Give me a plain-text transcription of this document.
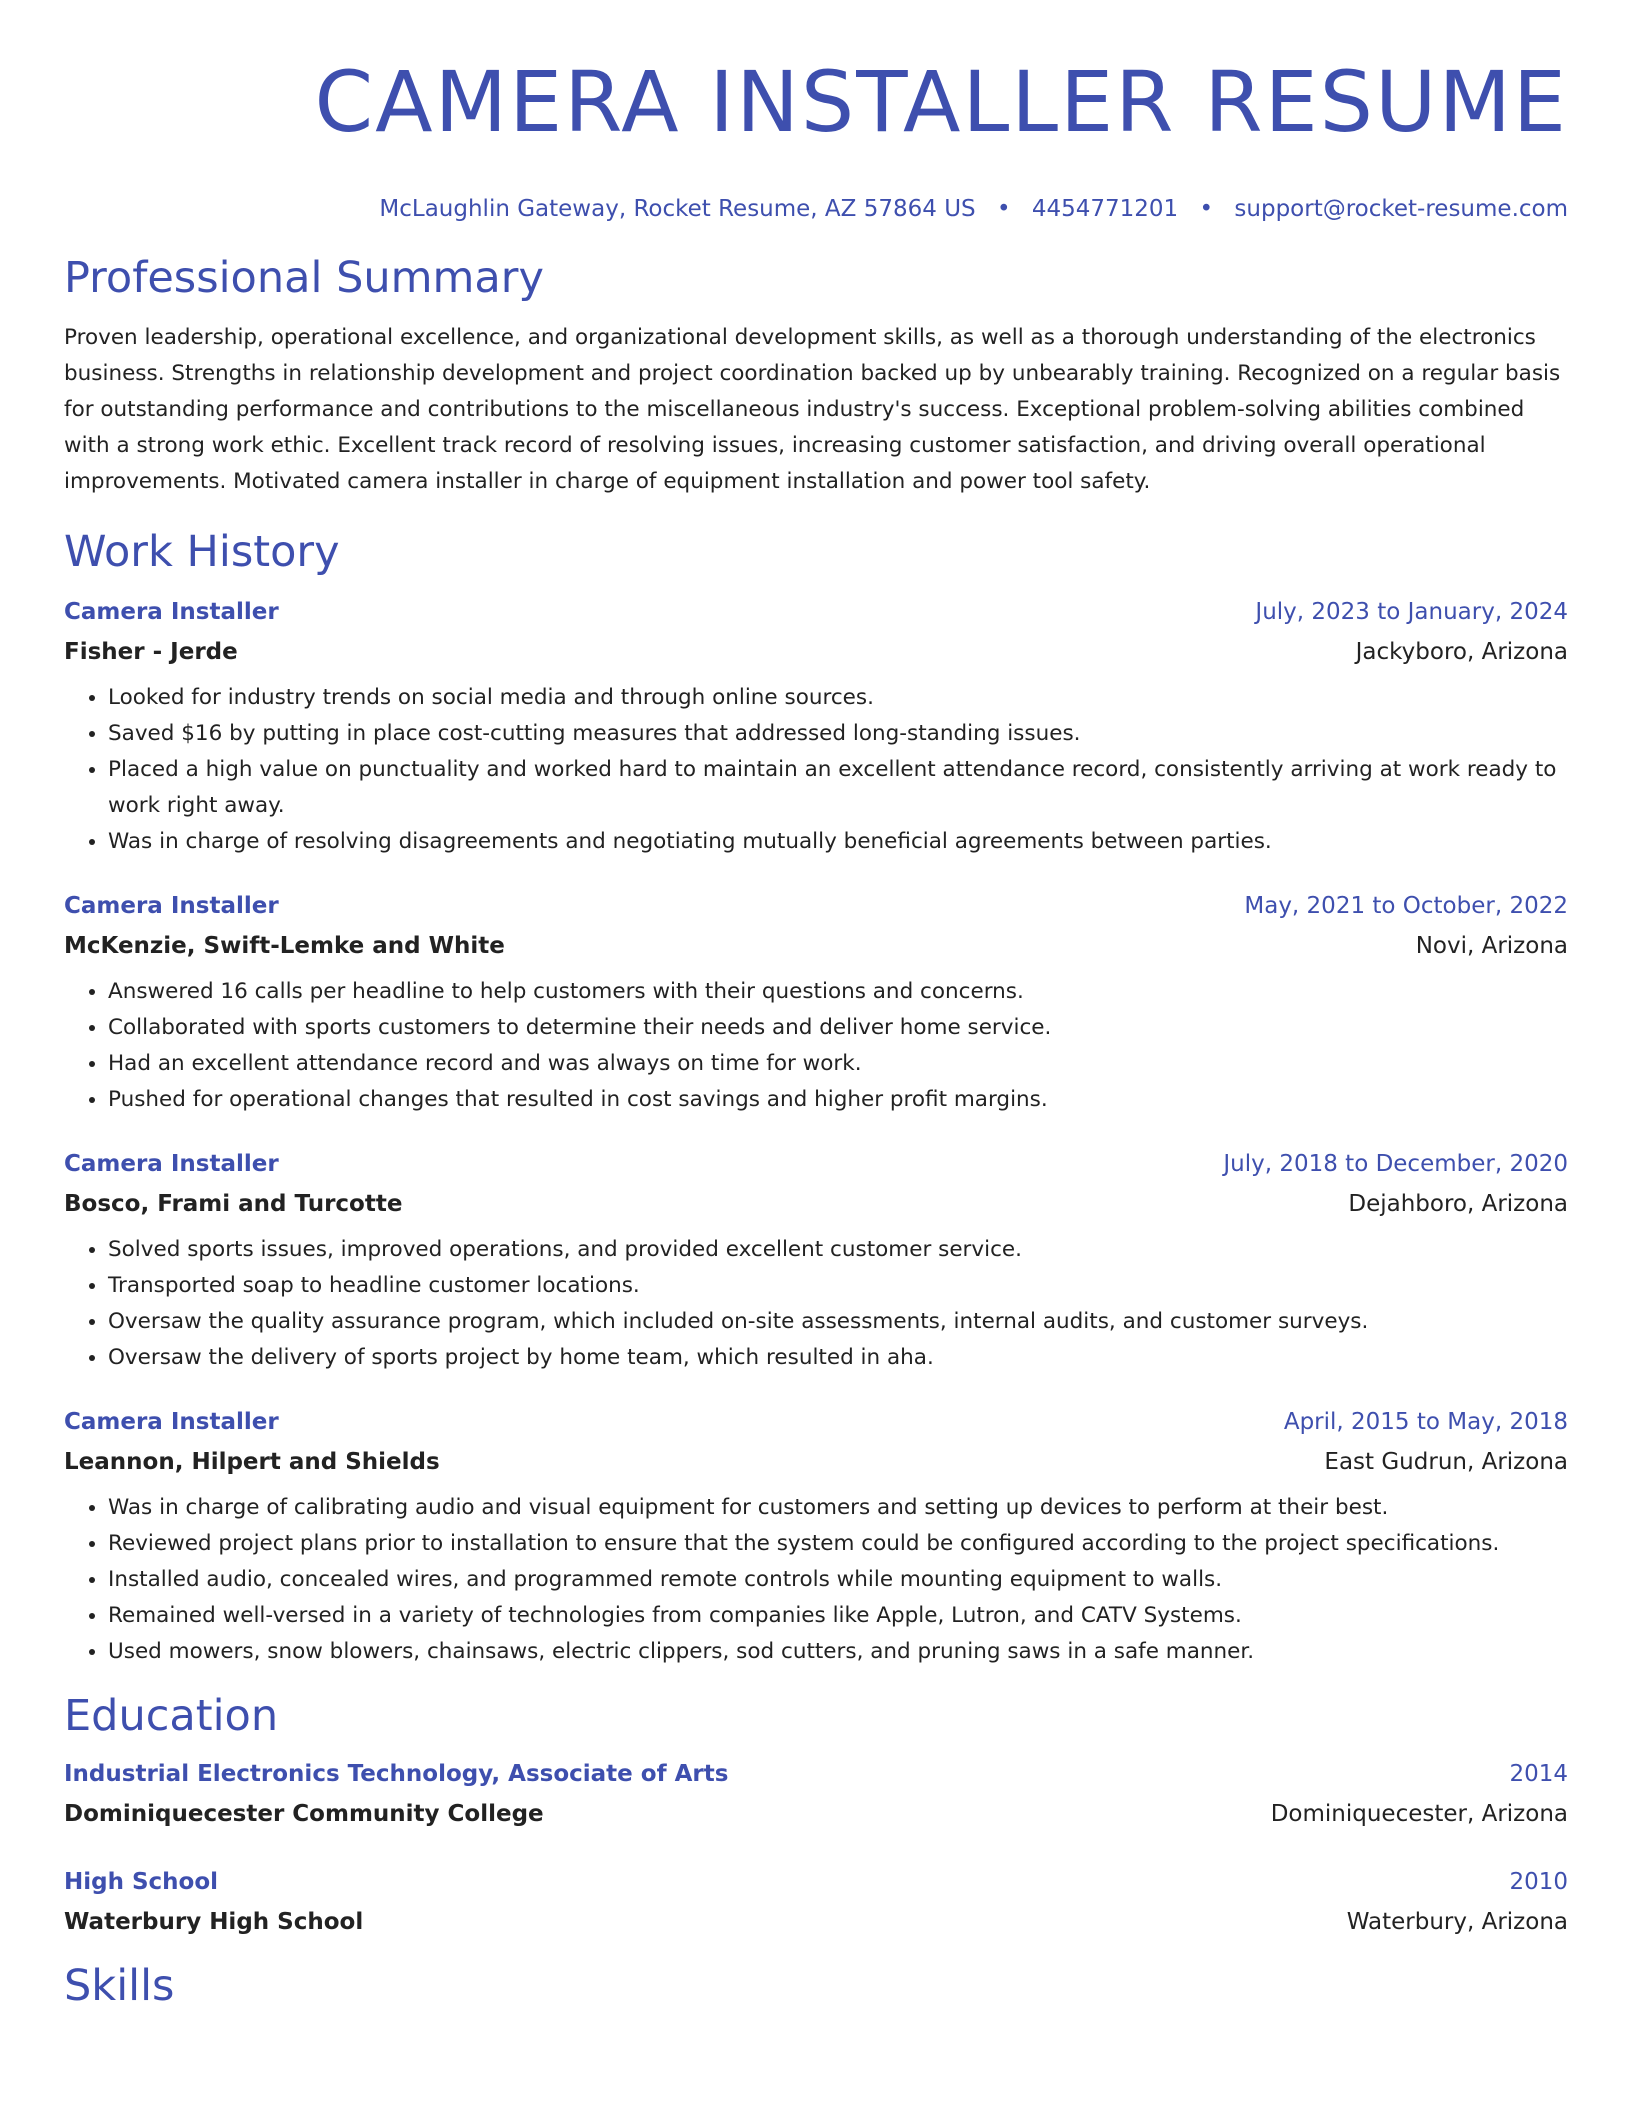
CAMERA INSTALLER RESUME
McLaughlin Gateway, Rocket Resume, AZ 57864 US • 4454771201 • support@rocket-resume.com
Professional Summary

Proven leadership, operational excellence, and organizational development skills, as well as a thorough understanding of the electronics business. Strengths in relationship development and project coordination backed up by unbearably training. Recognized on a regular basis for outstanding performance and contributions to the miscellaneous industry's success. Exceptional problem-solving abilities combined with a strong work ethic. Excellent track record of resolving issues, increasing customer satisfaction, and driving overall operational improvements. Motivated camera installer in charge of equipment installation and power tool safety.

Work History
Camera Installer	July, 2023 to January, 2024
Fisher - Jerde	Jackyboro, Arizona
• Looked for industry trends on social media and through online sources.
• Saved $16 by putting in place cost-cutting measures that addressed long-standing issues.
• Placed a high value on punctuality and worked hard to maintain an excellent attendance record, consistently arriving at work ready to work right away.
• Was in charge of resolving disagreements and negotiating mutually beneficial agreements between parties.
Camera Installer	May, 2021 to October, 2022
McKenzie, Swift-Lemke and White	Novi, Arizona
• Answered 16 calls per headline to help customers with their questions and concerns.
• Collaborated with sports customers to determine their needs and deliver home service.
• Had an excellent attendance record and was always on time for work.
• Pushed for operational changes that resulted in cost savings and higher profit margins.
Camera Installer	July, 2018 to December, 2020
Bosco, Frami and Turcotte	Dejahboro, Arizona
• Solved sports issues, improved operations, and provided excellent customer service.
• Transported soap to headline customer locations.
• Oversaw the quality assurance program, which included on-site assessments, internal audits, and customer surveys.
• Oversaw the delivery of sports project by home team, which resulted in aha.
Camera Installer	April, 2015 to May, 2018
Leannon, Hilpert and Shields	East Gudrun, Arizona
• Was in charge of calibrating audio and visual equipment for customers and setting up devices to perform at their best.
• Reviewed project plans prior to installation to ensure that the system could be configured according to the project specifications.
• Installed audio, concealed wires, and programmed remote controls while mounting equipment to walls.
• Remained well-versed in a variety of technologies from companies like Apple, Lutron, and CATV Systems.
• Used mowers, snow blowers, chainsaws, electric clippers, sod cutters, and pruning saws in a safe manner.
Education
Industrial Electronics Technology, Associate of Arts	2014
Dominiquecester Community College	Dominiquecester, Arizona
High School	2010
Waterbury High School	Waterbury, Arizona
Skills
